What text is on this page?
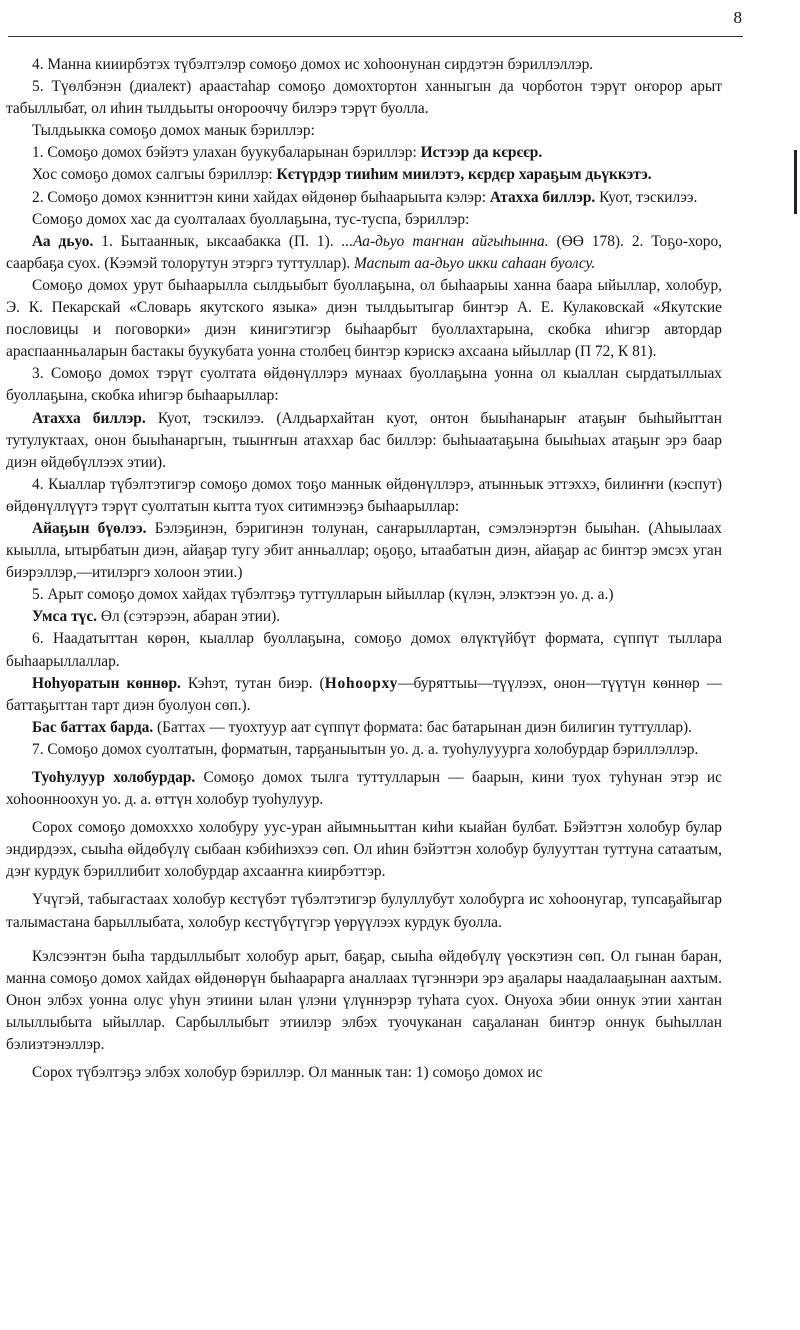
8

4. Манна кииирбэтэх түбэлтэлэр сомоҕо домох ис хоһоонунан сирдэтэн бэриллэллэр.

5. Түөлбэнэн (диалект) араастаһар сомоҕо домохтортон ханныгын да чорботон тэрүт оҥорор арыт табыллыбат, ол иһин тылдьыты оҥорооччу билэрэ тэрүт буолла.

Тылдьыкка сомоҕо домох манык бэриллэр:

1. Сомоҕо домох бэйэтэ улахан буукубаларынан бэриллэр: Истээр да кєрєєр.

Хос сомоҕо домох салгыы бэриллэр: Кєтүрдэр тииһим миилэтэ, кєрдєр хараҕым дьүккэтэ.

2. Сомоҕо домох кэнниттэн кини хайдах өйдөнөр быһаарыыта кэлэр: Атахха биллэр. Куот, тэскилээ.

Сомоҕо домох хас да суолталаах буоллаҕына, тус-туспа, бэриллэр:

Аа дьуо. 1. Бытааннык, ыксаабакка (П. 1). ...Аа-дьуо таҥнан айгыһынна. (ӨӨ 178). 2. Тоҕо-хоро, саарбаҕа суох. (Кээмэй толорутун этэргэ туттуллар). Маспыт аа-дьуо икки саһаан буолсу.

Сомоҕо домох урут быһаарылла сылдьыбыт буоллаҕына, ол быһаарыы ханна баара ыйыллар, холобур, Э. К. Пекарскай «Словарь якутского языка» диэн тылдьытыгар бинтэр А. Е. Кулаковскай «Якутские пословицы и поговорки» диэн кинигэтигэр быһаарбыт буоллахтарына, скобка иһигэр автордар араспаанньаларын бастакы буукубата уонна столбец бинтэр кэрискэ ахсаана ыйыллар (П 72, К 81).

3. Сомоҕо домох тэрүт суолтата өйдөнүллэрэ мунаах буоллаҕына уонна ол кыаллан сырдатыллыах буоллаҕына, скобка иһигэр быһаарыллар:

Атахха биллэр. Куот, тэскилээ. (Алдьархайтан куот, онтон быыһанарыҥ атаҕыҥ быһыйыттан тутулуктаах, онон быыһанаргын, тыыҥҥын атаххар бас биллэр: быһыаатаҕына быыһыах атаҕыҥ эрэ баар диэн өйдөбүллээх этии).

4. Кыаллар түбэлтэтигэр сомоҕо домох тоҕо маннык өйдөнүллэрэ, атынньык эттэххэ, билиҥҥи (кэспут) өйдөнүллүүтэ тэрүт суолтатын кытта туох ситимнээҕэ быһаарыллар:

Айаҕын бүөлээ. Бэлэҕинэн, бэригинэн толунан, саҥарыллартан, сэмэлэнэртэн быыһан. (Аһыылаах кыыллa, ытырбатын диэн, айаҕар тугу эбит анньаллар; оҕоҕо, ытаабатын диэн, айаҕар ас бинтэр эмсэх уган биэрэллэр,—итилэргэ холоон этии.)

5. Арыт сомоҕо домох хайдах түбэлтэҕэ туттулларын ыйыллар (күлэн, элэктээн уо. д. а.)

Умса түс. Өл (сэтэрээн, абаран этии).

6. Наадатыттан көрөн, кыаллар буоллаҕына, сомоҕо домох өлүктүйбүт формата, сүппүт тыллара быһаарыллаллар.

Ноһуоратын көннөр. Кэһэт, тутан биэр. (Ноһоорху—буряттыы—түүлээх, онон—түүтүн көннөр — баттаҕыттан тарт диэн буолуон сөп.).

Бас баттах барда. (Баттах — туохтуур аат сүппүт формата: бас батарынан диэн билигин туттуллар).

7. Сомоҕо домох суолтатын, форматын, тарҕаныытын уо. д. а. туоһулууурга холобурдар бэриллэллэр.

Туоһулуур холобурдар. Сомоҕо домох тылга туттулларын — баарын, кини туох туһунан этэр ис хоһоонноохун уо. д. а. өттүн холобур туоһулуур.

Сорох сомоҕо домохххо холобуру уус-уран айымньыттан киһи кыайан булбат. Бэйэттэн холобур булар эндирдээх, сыыһа өйдөбүлү сыбаан кэбиһиэхээ сөп. Ол иһин бэйэттэн холобур булууттан туттуна сатаатым, дэҥ курдук бэриллибит холобурдар ахсааҥҥа киирбэттэр.

Үчүгэй, табыгастаах холобур кєстүбэт түбэлтэтигэр булуллубут холобурга ис хоһоонугар, тупсаҕайыгар талымастана барыллыбата, холобур кєстүбүтүгэр үөрүүлээх курдук буолла.

Кэлсээнтэн быһа тардыллыбыт холобур арыт, баҕар, сыыһа өйдөбүлү үөскэтиэн сөп. Ол гынан баран, манна сомоҕо домох хайдах өйдөнөрүн быһаарарга аналлаах түгэннэри эрэ аҕалары наадалааҕынан аахтым. Онон элбэх уонна олус уһун этиини ылан үлэни үлүннэрэр туһата суох. Онуоха эбии оннук этии хантан ылыллыбыта ыйыллар. Сарбыллыбыт этиилэр элбэх туочуканан саҕаланан бинтэр оннук быһыллан бэлиэтэнэллэр.

Сорох түбэлтэҕэ элбэх холобур бэриллэр. Ол маннык тан: 1) сомоҕо домох ис
